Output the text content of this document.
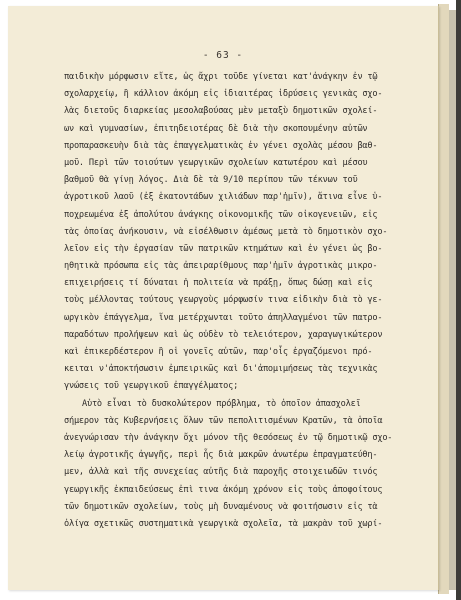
- 63 -
παιδικὴν μόρφωσιν εἴτε, ὡς ἄχρι τοῦδε γίνεται κατ'ἀνάγκην ἐν τῷ
σχολαρχείῳ, ἢ κάλλιον ἀκόμη εἰς ἰδιαιτέρας ἱδρύσεις γενικὰς σχο-
λὰς διετοῦς διαρκείας μεσολαβούσας μὲν μεταξὺ δημοτικῶν σχολεί-
ων καὶ γυμνασίων, ἐπιτηδειοτέρας δὲ διὰ τὴν σκοπουμένην αὐτῶν
προπαρασκευὴν διὰ τὰς ἐπαγγελματικὰς ἐν γένει σχολὰς μέσου βαθ-
μοῦ. Περὶ τῶν τοιούτων γεωργικῶν σχολείων κατωτέρου καὶ μέσου
βαθμοῦ θὰ γίνῃ λόγος. Διὰ δὲ τὰ 9/10 περίπου τῶν τέκνων τοῦ
ἀγροτικοῦ λαοῦ (ἐξ ἑκατοντάδων χιλιάδων παρ'ἡμῖν), ἅτινα εἶνε ὑ-
ποχρεωμένα ἐξ ἀπολύτου ἀνάγκης οἰκονομικῆς τῶν οἰκογενειῶν, εἰς
τὰς ὁποίας ἀνήκουσιν, νὰ εἰσέλθωσιν ἀμέσως μετὰ τὸ δημοτικὸν σχο-
λεῖον εἰς τὴν ἐργασίαν τῶν πατρικῶν κτημάτων καὶ ἐν γένει ὡς βο-
ηθητικὰ πρόσωπα εἰς τὰς ἀπειραρίθμους παρ'ἡμῖν ἀγροτικὰς μικρο-
επιχειρήσεις τί δύναται ἡ πολιτεία νὰ πράξῃ, ὅπως δώσῃ καὶ εἰς
τοὺς μέλλοντας τούτους γεωργοὺς μόρφωσίν τινα εἰδικὴν διὰ τὸ γε-
ωργικὸν ἐπάγγελμα, ἵνα μετέρχωνται τοῦτο ἀπηλλαγμένοι τῶν πατρο-
παραδότων προλήψεων καὶ ὡς οὐδὲν τὸ τελειότερον, χαραγωγικώτερον
καὶ ἐπικερδέστερον ἢ οἱ γονεῖς αὐτῶν, παρ'οἷς ἐργαζόμενοι πρό-
κειται ν'ἀποκτήσωσιν ἐμπειρικῶς καὶ δι'ἀπομιμήσεως τὰς τεχνικὰς
γνώσεις τοῦ γεωργικοῦ ἐπαγγέλματος;
Αὐτὸ εἶναι τὸ δυσκολώτερον πρόβλημα, τὸ ὁποῖον ἀπασχολεῖ
σήμερον τὰς Κυβερνήσεις ὅλων τῶν πεπολιτισμένων Κρατῶν, τὰ ὁποῖα
ἀνεγνώρισαν τὴν ἀνάγκην ὄχι μόνον τῆς θεσόσεως ἐν τῷ δημοτικῷ σχο-
λείῳ ἀγροτικῆς ἀγωγῆς, περὶ ἧς διὰ μακρῶν ἀνωτέρω ἐπραγματεύθη-
μεν, ἀλλὰ καὶ τῆς συνεχείας αὐτῆς διὰ παροχῆς στοιχειωδῶν τινός
γεωργικῆς ἐκπαιδεύσεως ἐπὶ τινα ἀκόμη χρόνον εἰς τοὺς ἀποφοίτους
τῶν δημοτικῶν σχολείων, τοὺς μὴ δυναμένους νὰ φοιτήσωσιν εἰς τὰ
ὀλίγα σχετικῶς συστηματικὰ γεωργικὰ σχολεῖα, τὰ μακρὰν τοῦ χωρί-
